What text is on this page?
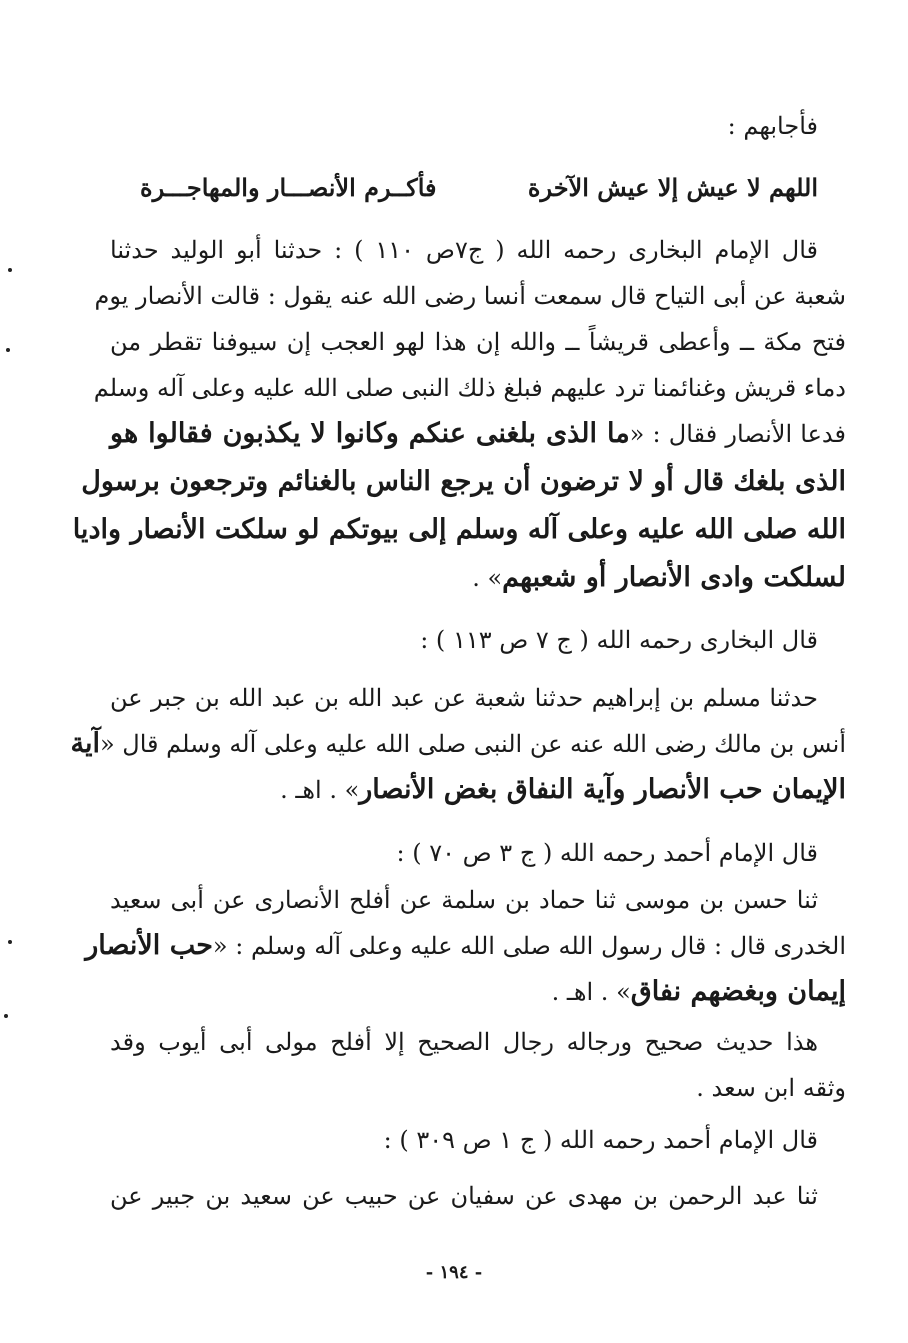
فأجابهم :
اللهم لا عيش إلا عيش الآخرة
فأكــرم الأنصـــار والمهاجـــرة
قال الإمام البخارى رحمه الله ( ج٧ص ١١٠ ) : حدثنا أبو الوليد حدثنا
شعبة عن أبى التياح قال سمعت أنسا رضى الله عنه يقول : قالت الأنصار يوم
فتح مكة ــ وأعطى قريشاً ــ والله إن هذا لهو العجب إن سيوفنا تقطر من
دماء قريش وغنائمنا ترد عليهم فبلغ ذلك النبى صلى الله عليه وعلى آله وسلم
فدعا الأنصار فقال : «ما الذى بلغنى عنكم وكانوا لا يكذبون فقالوا هو
الذى بلغك قال أو لا ترضون أن يرجع الناس بالغنائم وترجعون برسول
الله صلى الله عليه وعلى آله وسلم إلى بيوتكم لو سلكت الأنصار واديا
لسلكت وادى الأنصار أو شعبهم» .
قال البخارى رحمه الله ( ج ٧ ص ١١٣ ) :
حدثنا مسلم بن إبراهيم حدثنا شعبة عن عبد الله بن عبد الله بن جبر عن
أنس بن مالك رضى الله عنه عن النبى صلى الله عليه وعلى آله وسلم قال «آية
الإيمان حب الأنصار وآية النفاق بغض الأنصار» . اهـ .
قال الإمام أحمد رحمه الله ( ج ٣ ص ٧٠ ) :
ثنا حسن بن موسى ثنا حماد بن سلمة عن أفلح الأنصارى عن أبى سعيد
الخدرى قال : قال رسول الله صلى الله عليه وعلى آله وسلم : «حب الأنصار
إيمان وبغضهم نفاق» . اهـ .
هذا حديث صحيح ورجاله رجال الصحيح إلا أفلح مولى أبى أيوب وقد
وثقه ابن سعد .
قال الإمام أحمد رحمه الله ( ج ١ ص ٣٠٩ ) :
ثنا عبد الرحمن بن مهدى عن سفيان عن حبيب عن سعيد بن جبير عن
- ١٩٤ -
